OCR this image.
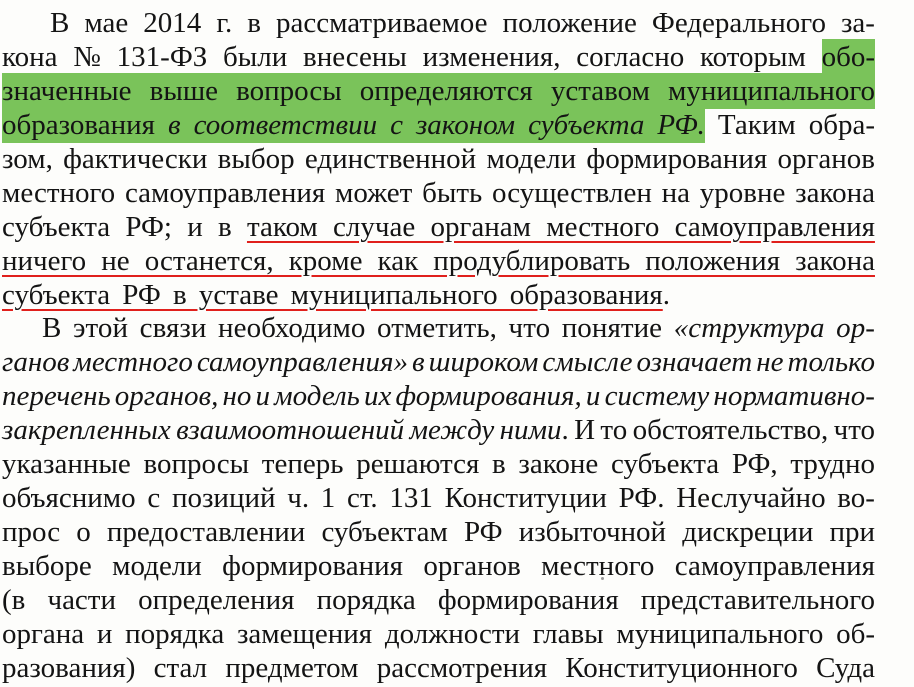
В мае 2014 г. в рассматриваемое положение Федерального за-
кона № 131-ФЗ были внесены изменения, согласно которым обо-
значенные выше вопросы определяются уставом муниципального
образования в соответствии с законом субъекта РФ. Таким обра-
зом, фактически выбор единственной модели формирования органов
местного самоуправления может быть осуществлен на уровне закона
субъекта РФ; и в таком случае органам местного самоуправления
ничего не останется, кроме как продублировать положения закона
субъекта РФ в уставе муниципального образования.
В этой связи необходимо отметить, что понятие «структура ор-
ганов местного самоуправления» в широком смысле означает не только
перечень органов, но и модель их формирования, и систему нормативно-
закрепленных взаимоотношений между ними. И то обстоятельство, что
указанные вопросы теперь решаются в законе субъекта РФ, трудно
объяснимо с позиций ч. 1 ст. 131 Конституции РФ. Неслучайно во-
прос о предоставлении субъектам РФ избыточной дискреции при
выборе модели формирования органов местного самоуправления
(в части определения порядка формирования представительного
органа и порядка замещения должности главы муниципального об-
разования) стал предметом рассмотрения Конституционного Суда
